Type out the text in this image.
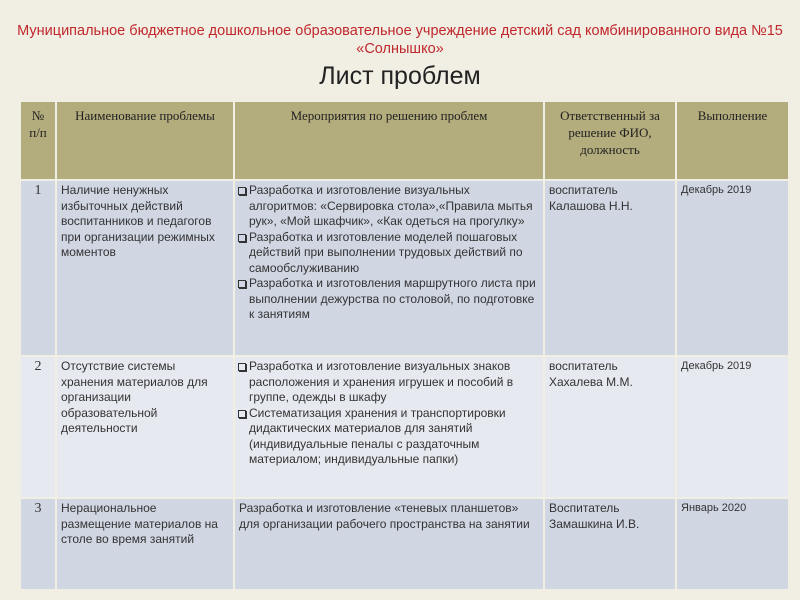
Муниципальное бюджетное дошкольное образовательное учреждение детский сад комбинированного вида №15 «Солнышко»
Лист проблем
№ п/п	Наименование проблемы	Мероприятия по решению проблем	Ответственный за решение ФИО, должность	Выполнение
1	Наличие ненужных избыточных действий воспитанников и педагогов при организации режимных моментов	Разработка и изготовление визуальных алгоритмов: «Сервировка стола»,«Правила мытья рук», «Мой шкафчик», «Как одеться на прогулку»
Разработка и изготовление моделей пошаговых действий при выполнении трудовых действий по самообслуживанию
Разработка и изготовления маршрутного листа при выполнении дежурства по столовой, по подготовке к занятиям	воспитатель Калашова Н.Н.	Декабрь 2019
2	Отсутствие системы хранения материалов для организации образовательной деятельности	Разработка и изготовление визуальных знаков расположения и хранения игрушек и пособий в группе, одежды в шкафу
Систематизация хранения и транспортировки дидактических материалов для занятий (индивидуальные пеналы с раздаточным материалом; индивидуальные папки)	воспитатель Хахалева М.М.	Декабрь 2019
3	Нерациональное размещение материалов на столе во время занятий	Разработка и изготовление «теневых планшетов» для организации рабочего пространства на занятии	Воспитатель Замашкина И.В.	Январь 2020
